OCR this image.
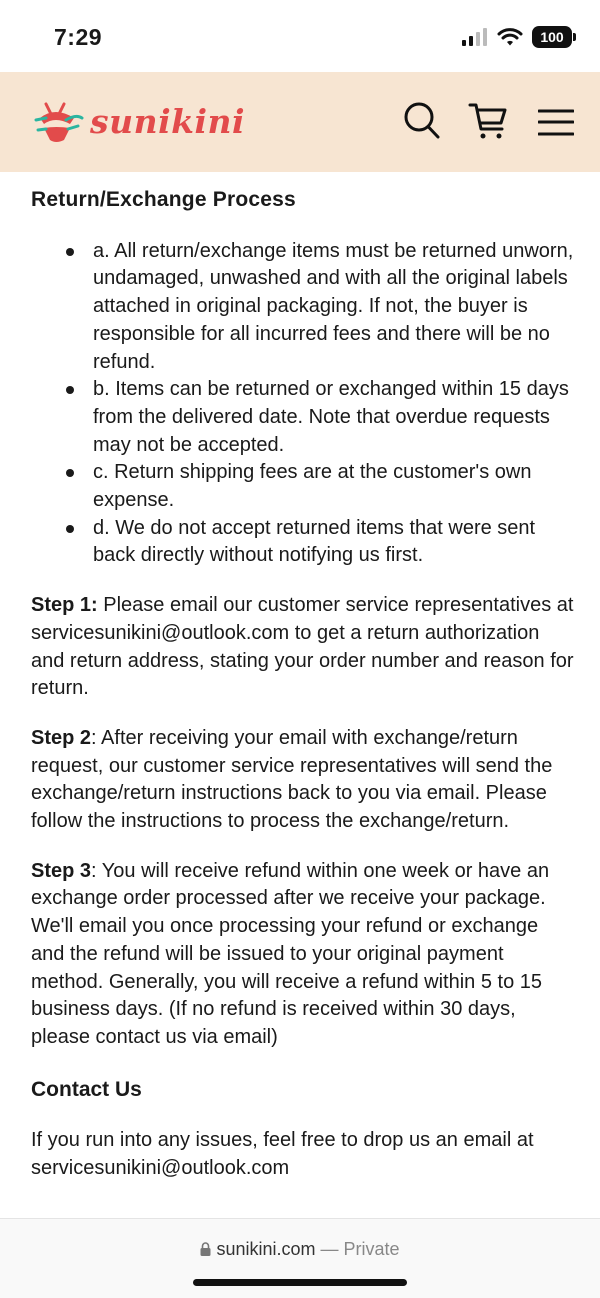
7:29	100
sunikini
Return/Exchange Process
a. All return/exchange items must be returned unworn, undamaged, unwashed and with all the original labels attached in original packaging. If not, the buyer is responsible for all incurred fees and there will be no refund.
b. Items can be returned or exchanged within 15 days from the delivered date. Note that overdue requests may not be accepted.
c. Return shipping fees are at the customer's own expense.
d. We do not accept returned items that were sent back directly without notifying us first.

Step 1: Please email our customer service representatives at servicesunikini@outlook.com to get a return authorization and return address, stating your order number and reason for return.

Step 2: After receiving your email with exchange/return request, our customer service representatives will send the exchange/return instructions back to you via email. Please follow the instructions to process the exchange/return.

Step 3: You will receive refund within one week or have an exchange order processed after we receive your package. We'll email you once processing your refund or exchange and the refund will be issued to your original payment method. Generally, you will receive a refund within 5 to 15 business days. (If no refund is received within 30 days, please contact us via email)

Contact Us

If you run into any issues, feel free to drop us an email at servicesunikini@outlook.com

sunikini.com — Private
